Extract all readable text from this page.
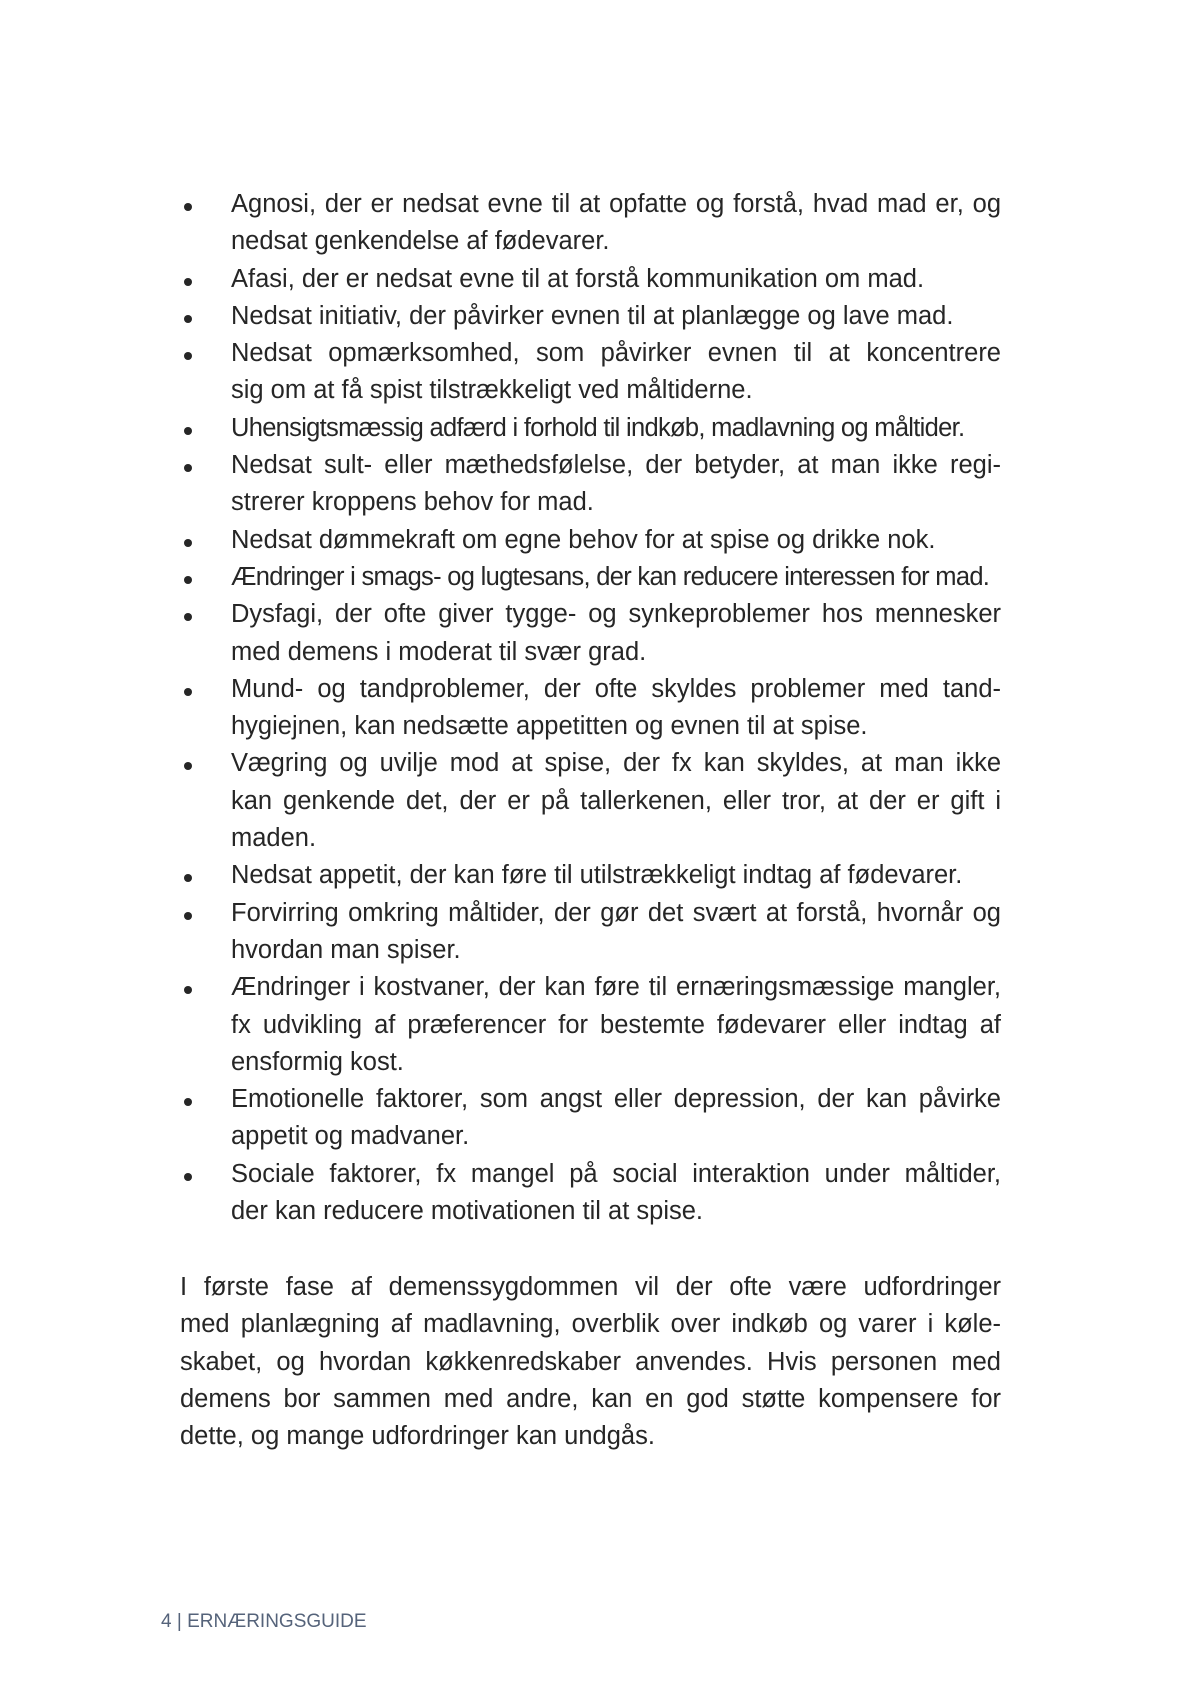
Agnosi, der er nedsat evne til at opfatte og forstå, hvad mad er, og
nedsat genkendelse af fødevarer.
Afasi, der er nedsat evne til at forstå kommunikation om mad.
Nedsat initiativ, der påvirker evnen til at planlægge og lave mad.
Nedsat opmærksomhed, som påvirker evnen til at koncentrere
sig om at få spist tilstrækkeligt ved måltiderne.
Uhensigtsmæssig adfærd i forhold til indkøb, madlavning og måltider.
Nedsat sult- eller mæthedsfølelse, der betyder, at man ikke regi-
strerer kroppens behov for mad.
Nedsat dømmekraft om egne behov for at spise og drikke nok.
Ændringer i smags- og lugtesans, der kan reducere interessen for mad.
Dysfagi, der ofte giver tygge- og synkeproblemer hos mennesker
med demens i moderat til svær grad.
Mund- og tandproblemer, der ofte skyldes problemer med tand-
hygiejnen, kan nedsætte appetitten og evnen til at spise.
Vægring og uvilje mod at spise, der fx kan skyldes, at man ikke
kan genkende det, der er på tallerkenen, eller tror, at der er gift i
maden.
Nedsat appetit, der kan føre til utilstrækkeligt indtag af fødevarer.
Forvirring omkring måltider, der gør det svært at forstå, hvornår og
hvordan man spiser.
Ændringer i kostvaner, der kan føre til ernæringsmæssige mangler,
fx udvikling af præferencer for bestemte fødevarer eller indtag af
ensformig kost.
Emotionelle faktorer, som angst eller depression, der kan påvirke
appetit og madvaner.
Sociale faktorer, fx mangel på social interaktion under måltider,
der kan reducere motivationen til at spise.

I første fase af demenssygdommen vil der ofte være udfordringer
med planlægning af madlavning, overblik over indkøb og varer i køle-
skabet, og hvordan køkkenredskaber anvendes. Hvis personen med
demens bor sammen med andre, kan en god støtte kompensere for
dette, og mange udfordringer kan undgås.

4 | ERNÆRINGSGUIDE
